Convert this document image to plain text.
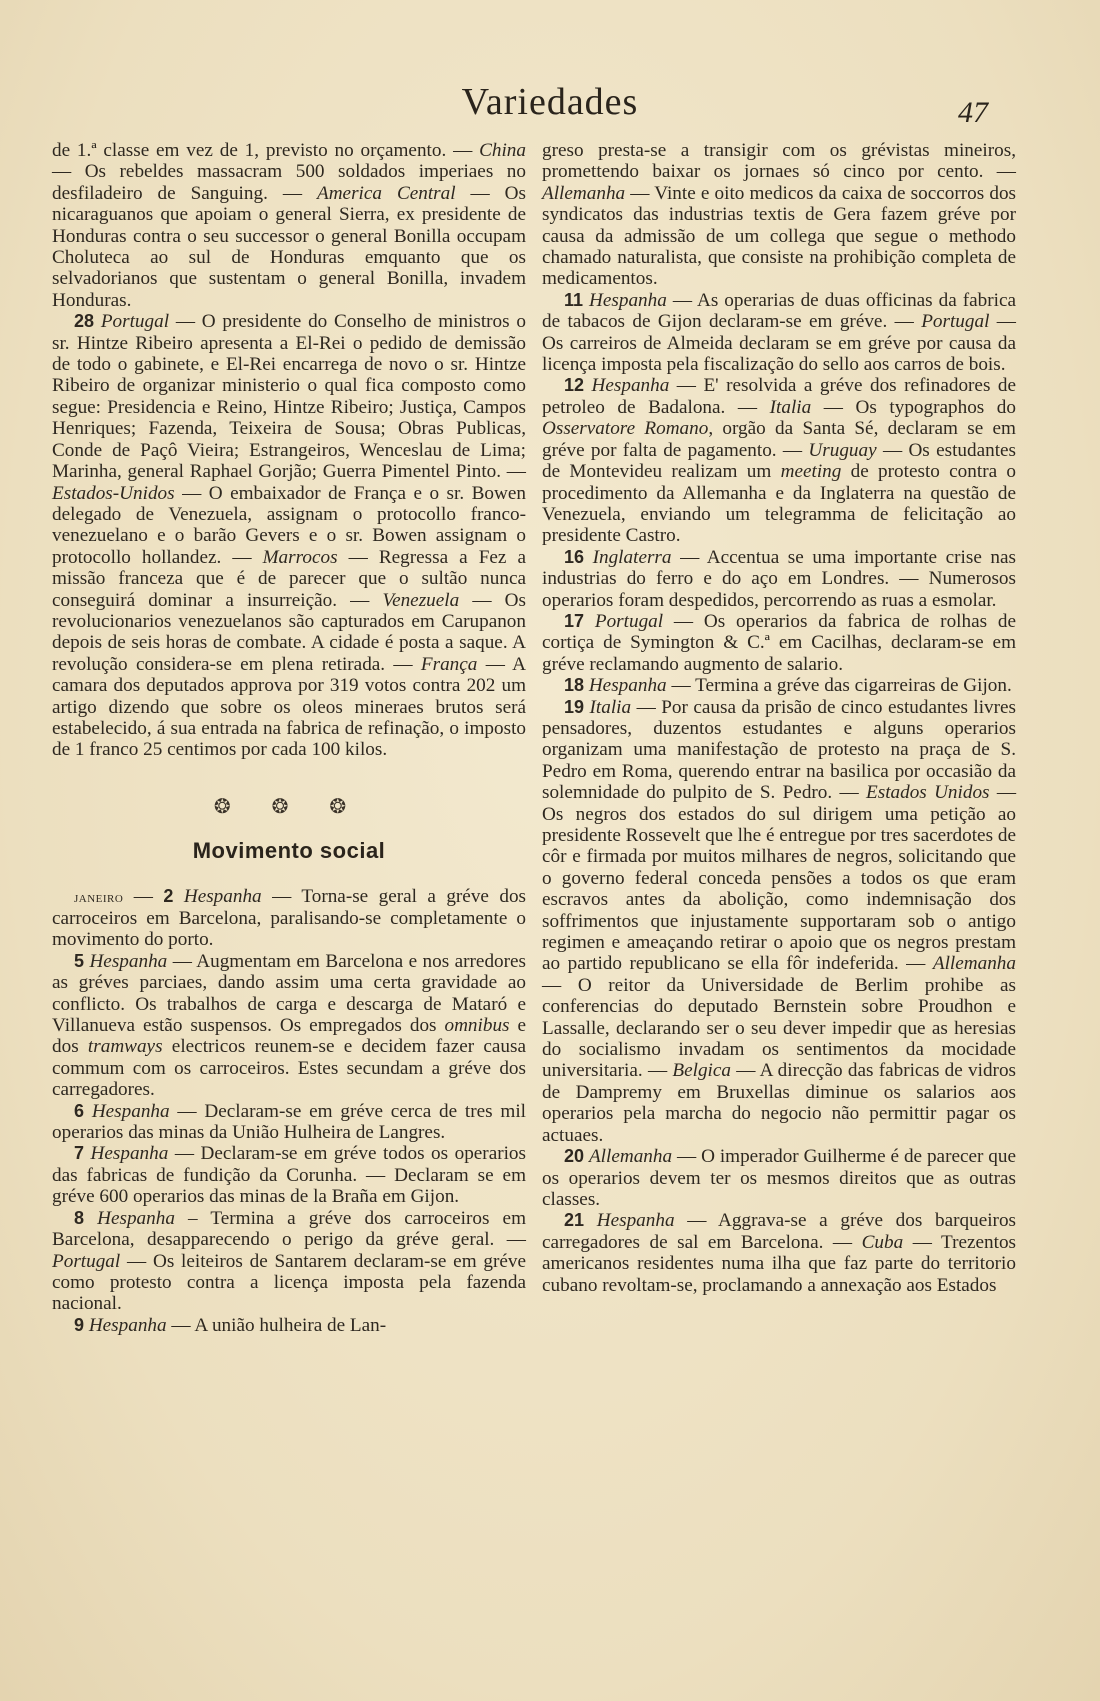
Variedades	47

de 1.ª classe em vez de 1, previsto no orçamento. — China — Os rebeldes massacram 500 soldados imperiaes no desfiladeiro de Sanguing. — America Central — Os nicaraguanos que apoiam o general Sierra, ex presidente de Honduras contra o seu successor o general Bonilla occupam Choluteca ao sul de Honduras emquanto que os selvadorianos que sustentam o general Bonilla, invadem Honduras.

28 Portugal — O presidente do Conselho de ministros o sr. Hintze Ribeiro apresenta a El-Rei o pedido de demissão de todo o gabinete, e El-Rei encarrega de novo o sr. Hintze Ribeiro de organizar ministerio o qual fica composto como segue: Presidencia e Reino, Hintze Ribeiro; Justiça, Campos Henriques; Fazenda, Teixeira de Sousa; Obras Publicas, Conde de Paçô Vieira; Estrangeiros, Wenceslau de Lima; Marinha, general Raphael Gorjão; Guerra Pimentel Pinto. — Estados-Unidos — O embaixador de França e o sr. Bowen delegado de Venezuela, assignam o protocollo franco-venezuelano e o barão Gevers e o sr. Bowen assignam o protocollo hollandez. — Marrocos — Regressa a Fez a missão franceza que é de parecer que o sultão nunca conseguirá dominar a insurreição. — Venezuela — Os revolucionarios venezuelanos são capturados em Carupanon depois de seis horas de combate. A cidade é posta a saque. A revolução considera-se em plena retirada. — França — A camara dos deputados approva por 319 votos contra 202 um artigo dizendo que sobre os oleos mineraes brutos será estabelecido, á sua entrada na fabrica de refinação, o imposto de 1 franco 25 centimos por cada 100 kilos.

❂ ❂ ❂
Movimento social

janeiro — 2 Hespanha — Torna-se geral a gréve dos carroceiros em Barcelona, paralisando-se completamente o movimento do porto.

5 Hespanha — Augmentam em Barcelona e nos arredores as gréves parciaes, dando assim uma certa gravidade ao conflicto. Os trabalhos de carga e descarga de Mataró e Villanueva estão suspensos. Os empregados dos omnibus e dos tramways electricos reunem-se e decidem fazer causa commum com os carroceiros. Estes secundam a gréve dos carregadores.

6 Hespanha — Declaram-se em gréve cerca de tres mil operarios das minas da União Hulheira de Langres.

7 Hespanha — Declaram-se em gréve todos os operarios das fabricas de fundição da Corunha. — Declaram se em gréve 600 operarios das minas de la Braña em Gijon.

8 Hespanha – Termina a gréve dos carroceiros em Barcelona, desapparecendo o perigo da gréve geral. — Portugal — Os leiteiros de Santarem declaram-se em gréve como protesto contra a licença imposta pela fazenda nacional.

9 Hespanha — A união hulheira de Lan-

greso presta-se a transigir com os grévistas mineiros, promettendo baixar os jornaes só cinco por cento. — Allemanha — Vinte e oito medicos da caixa de soccorros dos syndicatos das industrias textis de Gera fazem gréve por causa da admissão de um collega que segue o methodo chamado naturalista, que consiste na prohibição completa de medicamentos.

11 Hespanha — As operarias de duas officinas da fabrica de tabacos de Gijon declaram-se em gréve. — Portugal — Os carreiros de Almeida declaram se em gréve por causa da licença imposta pela fiscalização do sello aos carros de bois.

12 Hespanha — E' resolvida a gréve dos refinadores de petroleo de Badalona. — Italia — Os typographos do Osservatore Romano, orgão da Santa Sé, declaram se em gréve por falta de pagamento. — Uruguay — Os estudantes de Montevideu realizam um meeting de protesto contra o procedimento da Allemanha e da Inglaterra na questão de Venezuela, enviando um telegramma de felicitação ao presidente Castro.

16 Inglaterra — Accentua se uma importante crise nas industrias do ferro e do aço em Londres. — Numerosos operarios foram despedidos, percorrendo as ruas a esmolar.

17 Portugal — Os operarios da fabrica de rolhas de cortiça de Symington & C.ª em Cacilhas, declaram-se em gréve reclamando augmento de salario.

18 Hespanha — Termina a gréve das cigarreiras de Gijon.

19 Italia — Por causa da prisão de cinco estudantes livres pensadores, duzentos estudantes e alguns operarios organizam uma manifestação de protesto na praça de S. Pedro em Roma, querendo entrar na basilica por occasião da solemnidade do pulpito de S. Pedro. — Estados Unidos — Os negros dos estados do sul dirigem uma petição ao presidente Rossevelt que lhe é entregue por tres sacerdotes de côr e firmada por muitos milhares de negros, solicitando que o governo federal conceda pensões a todos os que eram escravos antes da abolição, como indemnisação dos soffrimentos que injustamente supportaram sob o antigo regimen e ameaçando retirar o apoio que os negros prestam ao partido republicano se ella fôr indeferida. — Allemanha — O reitor da Universidade de Berlim prohibe as conferencias do deputado Bernstein sobre Proudhon e Lassalle, declarando ser o seu dever impedir que as heresias do socialismo invadam os sentimentos da mocidade universitaria. — Belgica — A direcção das fabricas de vidros de Dampremy em Bruxellas diminue os salarios aos operarios pela marcha do negocio não permittir pagar os actuaes.

20 Allemanha — O imperador Guilherme é de parecer que os operarios devem ter os mesmos direitos que as outras classes.

21 Hespanha — Aggrava-se a gréve dos barqueiros carregadores de sal em Barcelona. — Cuba — Trezentos americanos residentes numa ilha que faz parte do territorio cubano revoltam-se, proclamando a annexação aos Estados
